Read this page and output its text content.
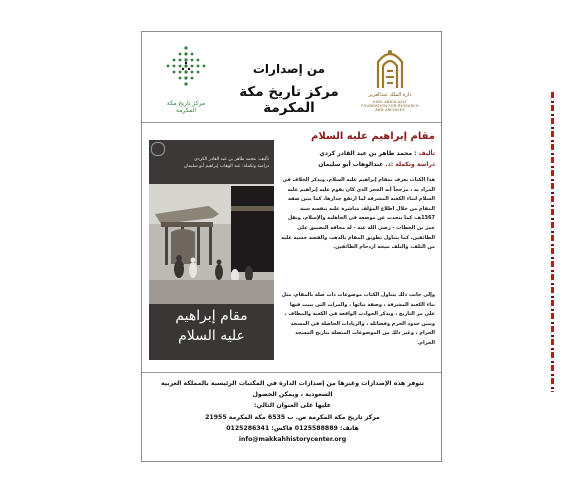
مركز تاريخ مكة المكرمة
من إصدارات
مركز تاريخ مكة المكرمة
دارة الملك عبدالعزيز
KING ABDULAZIZ FOUNDATION FOR RESEARCH AND ARCHIVES
تأليف: محمد طاهر بن عبد القادر الكردي
دراسة وتكملة: عبد الوهاب إبراهيم أبو سليمان
مقام إبراهيم
عليه السلام
مقام إبراهيم عليه السلام
تأليف : محمد طاهر بن عبد القادر كردي
دراسة وتكملة :د. عبدالوهاب أبو سليمان

هذا الكتاب يعرف بمقام إبراهيم عليه السلام، ويذكر الخلاف في المراد به ، مرجحاً أنه الحجر الذي كان يقوم عليه إبراهيم عليه السلام لبناء الكعبة المشرفة لما ارتفع جدارها، كما يبين صفة المقام من خلال اطلاع المؤلف مباشرة عليه بنفسه سنة 1367هـ، كما يتحدث عن موضعه في الجاهلية والإسلام، ونقل عمر بن الخطاب - رضي الله عنه - له مخافة التضييق على الطائفين، كما يتناول تطويق المقام بالذهب والفضة خشية عليه من التلف، والتلف نتيجة ازدحام الطائفين.

وإلى جانب ذلك يتناول الكتاب موضوعات ذات صلة بالمقام، مثل بناء الكعبة المشرفة ، وصفة بنائها ، والمرات التي بنيت فيها على مر التاريخ ، ويذكر الحوادث الواقعة في الكعبة والمطاف ، ويبين حدود الحرم وفضائله ، والزيادات الحاصلة في المسجد الحرام ، وغير ذلك من الموضوعات المتصلة بتاريخ المسجد الحرام.

تتوفر هذه الإصدارات وغيرها من إصدارات الدارة في المكتبات الرئيسية بالمملكة العربية السعودية ، ويمكن الحصول
عليها على العنوان التالي:
مركز تاريخ مكة المكرمة ص. ب 6535 مكة المكرمة 21955
هاتف: 0125588889 فاكس: 0125286341
info@makkahhistorycenter.org
